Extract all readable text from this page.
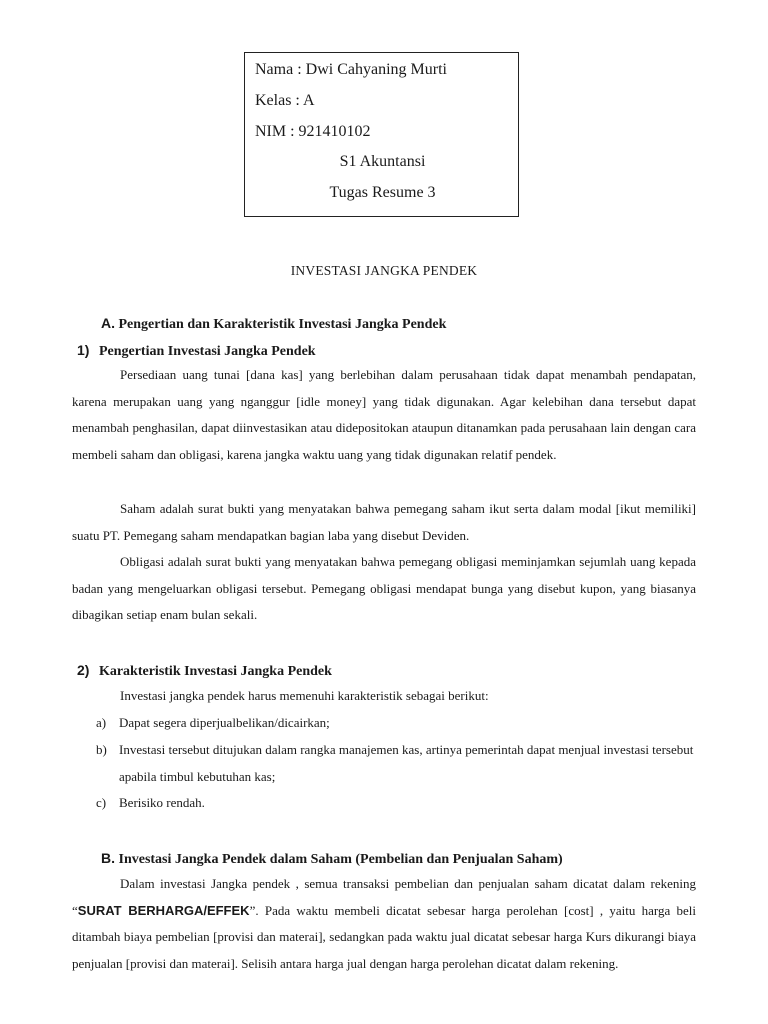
Nama : Dwi Cahyaning Murti
Kelas : A
NIM : 921410102
S1 Akuntansi
Tugas Resume 3
INVESTASI JANGKA PENDEK
A. Pengertian dan Karakteristik Investasi Jangka Pendek
1) Pengertian Investasi Jangka Pendek

Persediaan uang tunai [dana kas] yang berlebihan dalam perusahaan tidak dapat menambah pendapatan, karena merupakan uang yang nganggur [idle money] yang tidak digunakan. Agar kelebihan dana tersebut dapat menambah penghasilan, dapat diinvestasikan atau didepositokan ataupun ditanamkan pada perusahaan lain dengan cara membeli saham dan obligasi, karena jangka waktu uang yang tidak digunakan relatif pendek.

Saham adalah surat bukti yang menyatakan bahwa pemegang saham ikut serta dalam modal [ikut memiliki] suatu PT. Pemegang saham mendapatkan bagian laba yang disebut Deviden.

Obligasi adalah surat bukti yang menyatakan bahwa pemegang obligasi meminjamkan sejumlah uang kepada badan yang mengeluarkan obligasi tersebut. Pemegang obligasi mendapat bunga yang disebut kupon, yang biasanya dibagikan setiap enam bulan sekali.

2) Karakteristik Investasi Jangka Pendek

Investasi jangka pendek harus memenuhi karakteristik sebagai berikut:

a) Dapat segera diperjualbelikan/dicairkan;
b) Investasi tersebut ditujukan dalam rangka manajemen kas, artinya pemerintah dapat menjual investasi tersebut apabila timbul kebutuhan kas;
c) Berisiko rendah.
B. Investasi Jangka Pendek dalam Saham (Pembelian dan Penjualan Saham)

Dalam investasi Jangka pendek , semua transaksi pembelian dan penjualan saham dicatat dalam rekening “SURAT BERHARGA/EFFEK”. Pada waktu membeli dicatat sebesar harga perolehan [cost] , yaitu harga beli ditambah biaya pembelian [provisi dan materai], sedangkan pada waktu jual dicatat sebesar harga Kurs dikurangi biaya penjualan [provisi dan materai]. Selisih antara harga jual dengan harga perolehan dicatat dalam rekening.
